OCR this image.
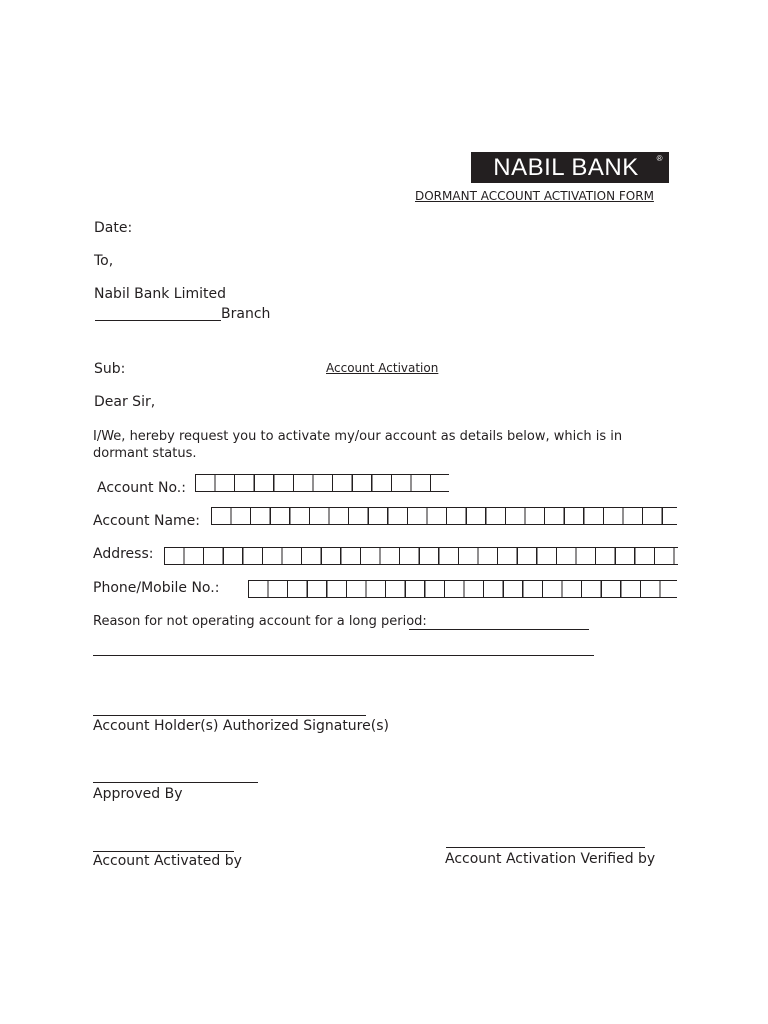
NABIL BANK ®
DORMANT ACCOUNT ACTIVATION FORM
Date:
To,
Nabil Bank Limited
Branch
Sub:	Account Activation
Dear Sir,
I/We, hereby request you to activate my/our account as details below, which is in dormant status.
Account No.:
Account Name:
Address:
Phone/Mobile No.:
Reason for not operating account for a long period:
Account Holder(s) Authorized Signature(s)
Approved By
Account Activated by	Account Activation Verified by
